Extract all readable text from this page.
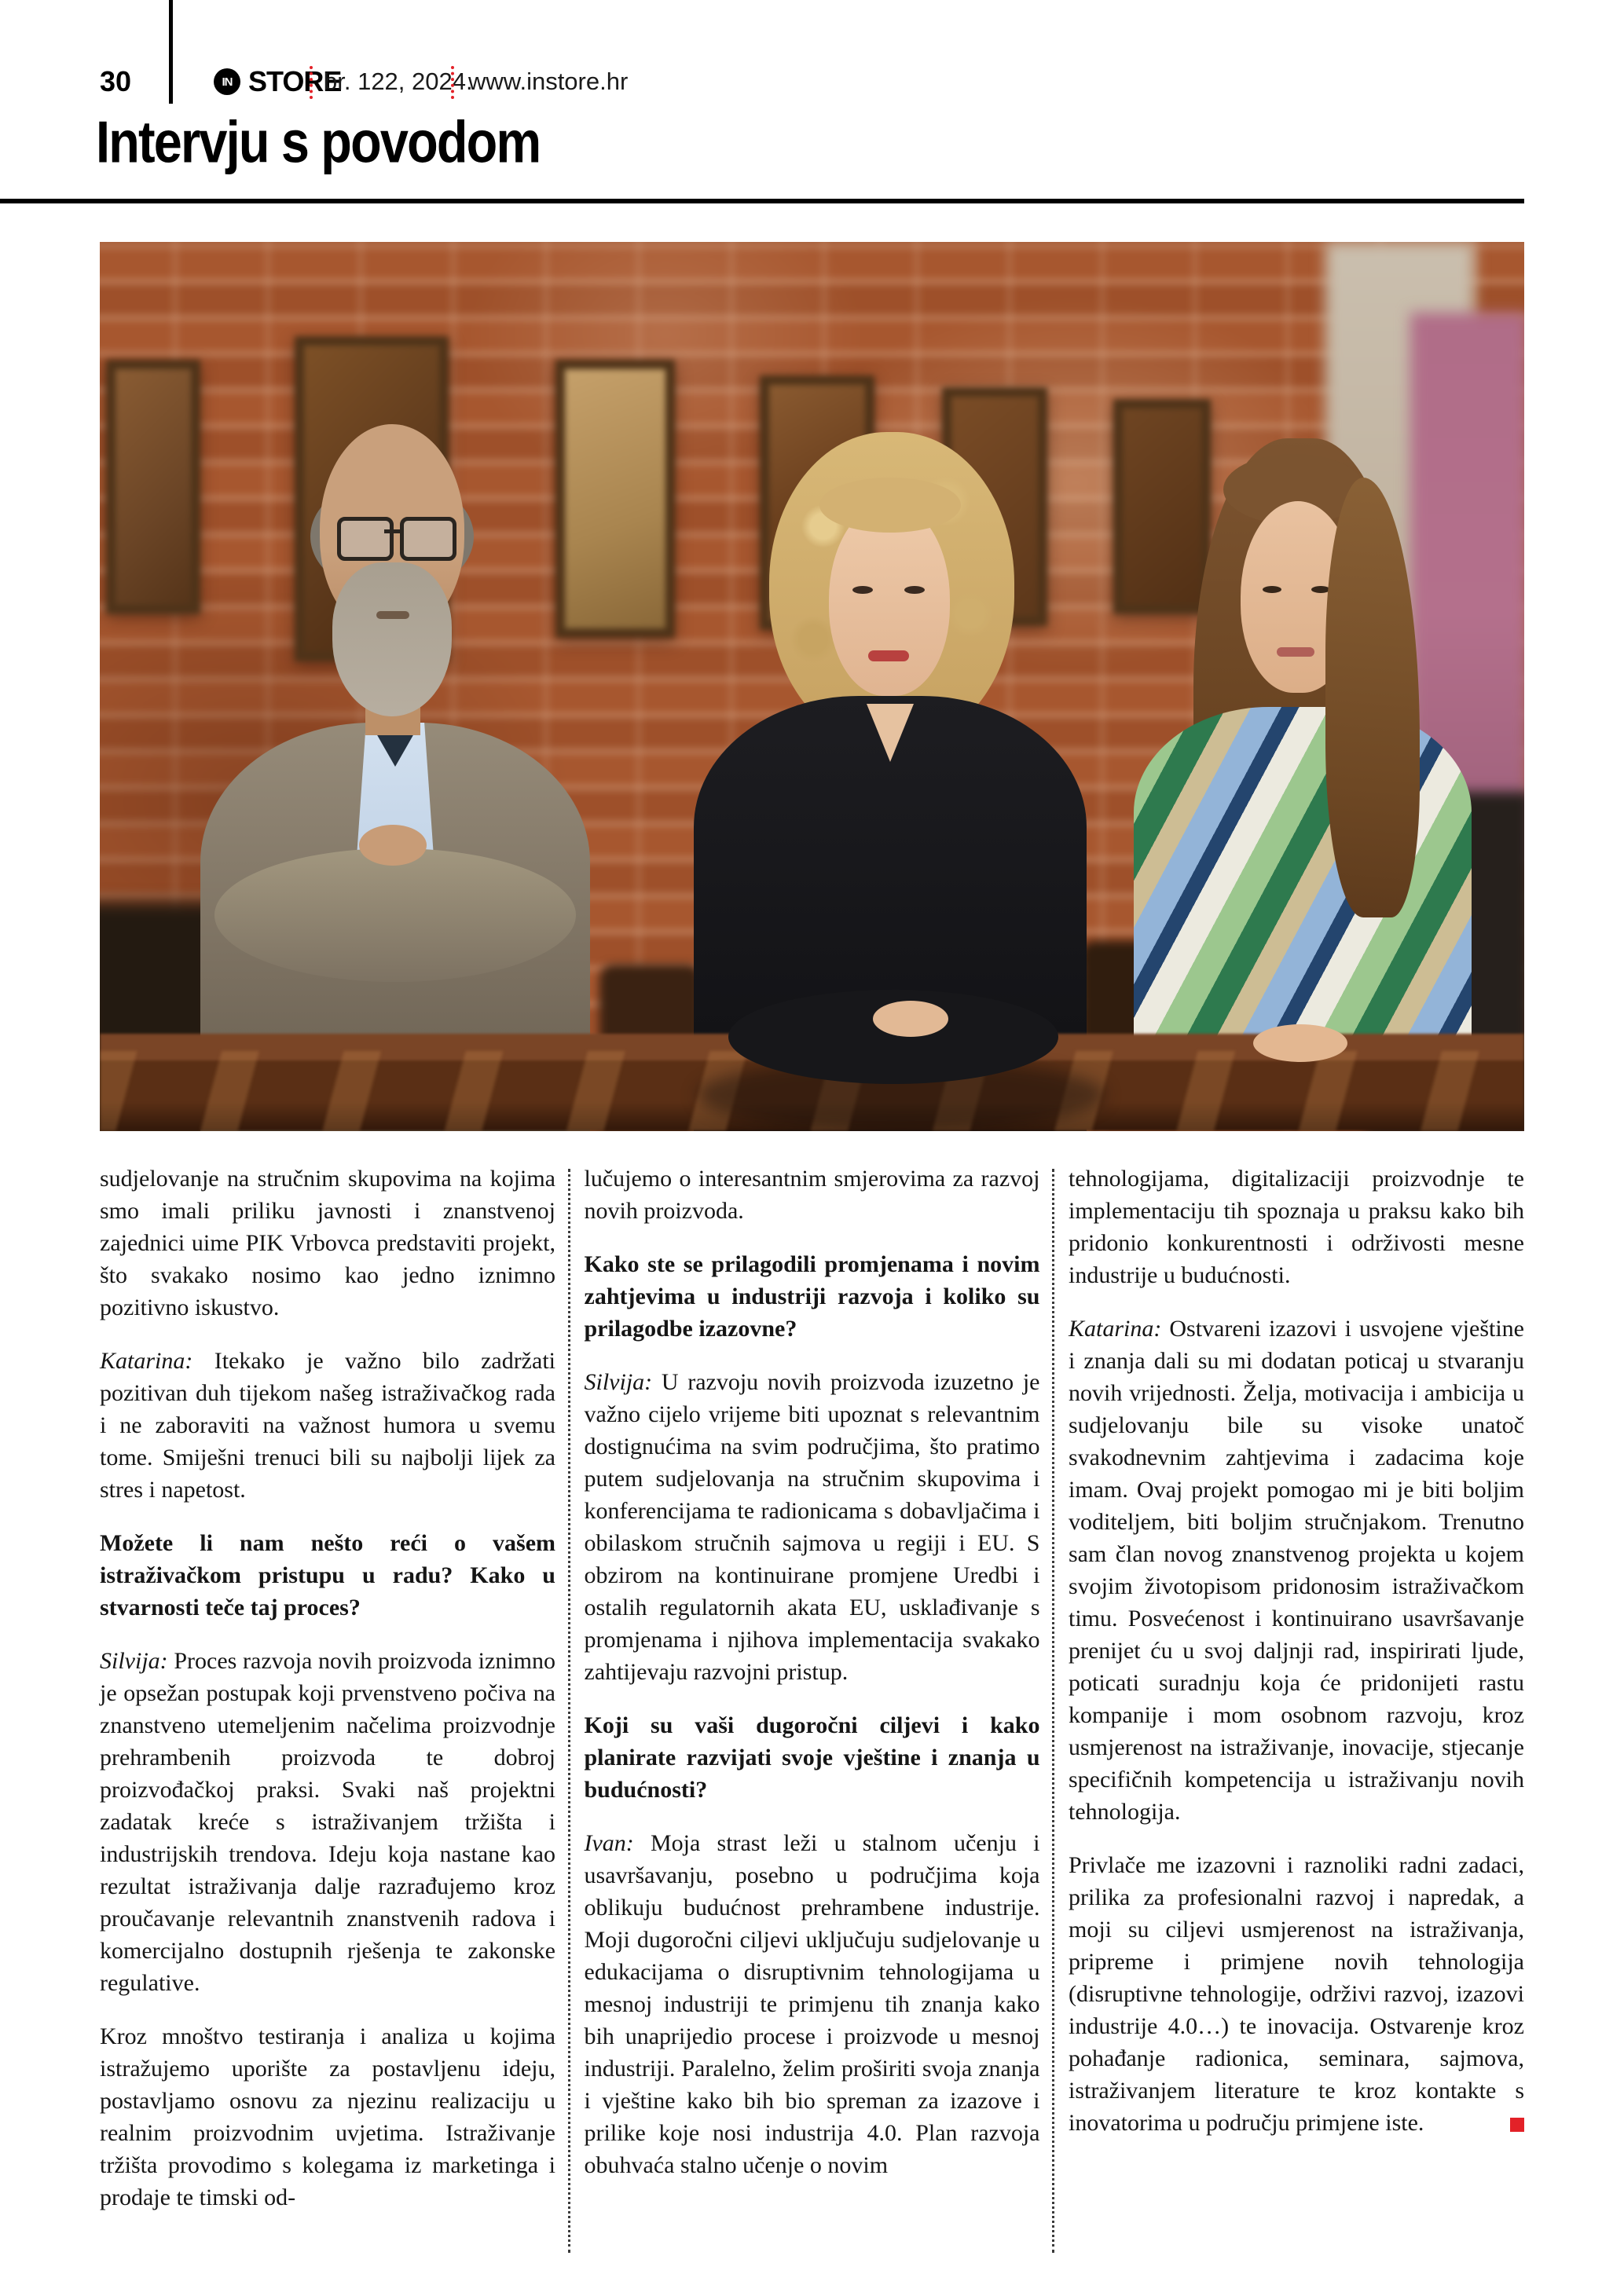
30	IN STORE
br. 122, 2024.
www.instore.hr
Intervju s povodom

sudjelovanje na stručnim skupovima na kojima smo imali priliku javnosti i znanstvenoj zajednici uime PIK Vrbovca predstaviti projekt, što svakako nosimo kao jedno iznimno pozitivno iskustvo.

Katarina: Itekako je važno bilo zadržati pozitivan duh tijekom našeg istraživačkog rada i ne zaboraviti na važnost humora u svemu tome. Smiješni trenuci bili su najbolji lijek za stres i napetost.

Možete li nam nešto reći o vašem istraživačkom pristupu u radu? Kako u stvarnosti teče taj proces?

Silvija: Proces razvoja novih proizvoda iznimno je opsežan postupak koji prvenstveno počiva na znanstveno utemeljenim načelima proizvodnje prehrambenih proizvoda te dobroj proizvođačkoj praksi. Svaki naš projektni zadatak kreće s istraživanjem tržišta i industrijskih trendova. Ideju koja nastane kao rezultat istraživanja dalje razrađujemo kroz proučavanje relevantnih znanstvenih radova i komercijalno dostupnih rješenja te zakonske regulative.

Kroz mnoštvo testiranja i analiza u kojima istražujemo uporište za postavljenu ideju, postavljamo osnovu za njezinu realizaciju u realnim proizvodnim uvjetima. Istraživanje tržišta provodimo s kolegama iz marketinga i prodaje te timski od-

lučujemo o interesantnim smjerovima za razvoj novih proizvoda.

Kako ste se prilagodili promjenama i novim zahtjevima u industriji razvoja i koliko su prilagodbe izazovne?

Silvija: U razvoju novih proizvoda izuzetno je važno cijelo vrijeme biti upoznat s relevantnim dostignućima na svim područjima, što pratimo putem sudjelovanja na stručnim skupovima i konferencijama te radionicama s dobavljačima i obilaskom stručnih sajmova u regiji i EU. S obzirom na kontinuirane promjene Uredbi i ostalih regulatornih akata EU, usklađivanje s promjenama i njihova implementacija svakako zahtijevaju razvojni pristup.

Koji su vaši dugoročni ciljevi i kako planirate razvijati svoje vještine i znanja u budućnosti?

Ivan: Moja strast leži u stalnom učenju i usavršavanju, posebno u područjima koja oblikuju budućnost prehrambene industrije. Moji dugoročni ciljevi uključuju sudjelovanje u edukacijama o disruptivnim tehnologijama u mesnoj industriji te primjenu tih znanja kako bih unaprijedio procese i proizvode u mesnoj industriji. Paralelno, želim proširiti svoja znanja i vještine kako bih bio spreman za izazove i prilike koje nosi industrija 4.0. Plan razvoja obuhvaća stalno učenje o novim

tehnologijama, digitalizaciji proizvodnje te implementaciju tih spoznaja u praksu kako bih pridonio konkurentnosti i održivosti mesne industrije u budućnosti.

Katarina: Ostvareni izazovi i usvojene vještine i znanja dali su mi dodatan poticaj u stvaranju novih vrijednosti. Želja, motivacija i ambicija u sudjelovanju bile su visoke unatoč svakodnevnim zahtjevima i zadacima koje imam. Ovaj projekt pomogao mi je biti boljim voditeljem, biti boljim stručnjakom. Trenutno sam član novog znanstvenog projekta u kojem svojim životopisom pridonosim istraživačkom timu. Posvećenost i kontinuirano usavršavanje prenijet ću u svoj daljnji rad, inspirirati ljude, poticati suradnju koja će pridonijeti rastu kompanije i mom osobnom razvoju, kroz usmjerenost na istraživanje, inovacije, stjecanje specifičnih kompetencija u istraživanju novih tehnologija.

Privlače me izazovni i raznoliki radni zadaci, prilika za profesionalni razvoj i napredak, a moji su ciljevi usmjerenost na istraživanja, pripreme i primjene novih tehnologija (disruptivne tehnologije, održivi razvoj, izazovi industrije 4.0…) te inovacija. Ostvarenje kroz pohađanje radionica, seminara, sajmova, istraživanjem literature te kroz kontakte s inovatorima u području primjene iste.
